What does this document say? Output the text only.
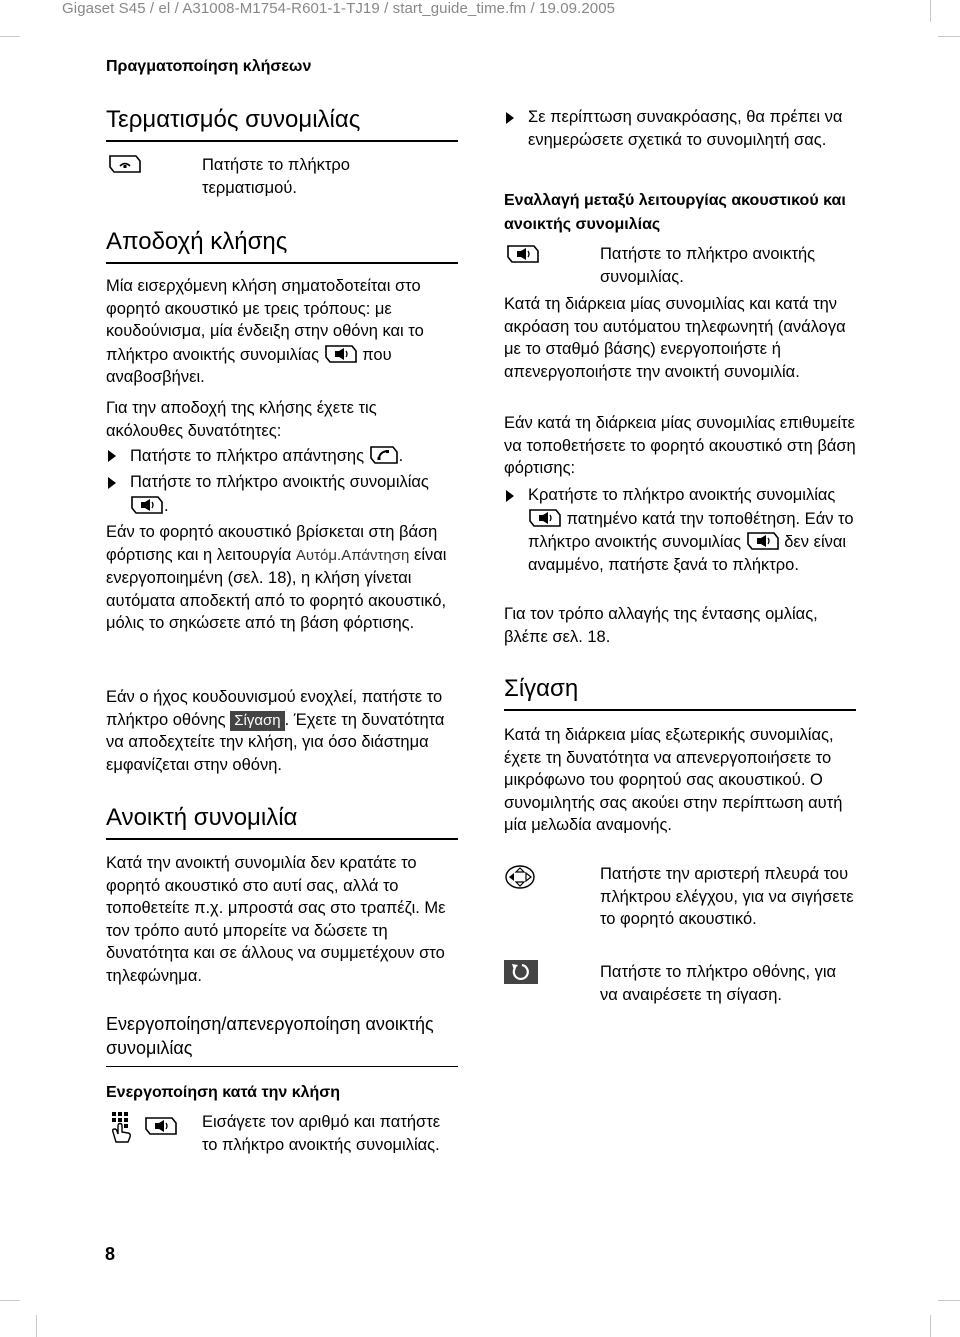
Gigaset S45 / el / A31008-M1754-R601-1-TJ19 / start_guide_time.fm / 19.09.2005
Πραγματοποίηση κλήσεων
Τερματισμός συνομιλίας
Πατήστε το πλήκτρο τερματισμού.
Αποδοχή κλήσης
Μία εισερχόμενη κλήση σηματοδοτείται στο φορητό ακουστικό με τρεις τρόπους: με κουδούνισμα, μία ένδειξη στην οθόνη και το πλήκτρο ανοικτής συνομιλίας	που αναβοσβήνει.
Για την αποδοχή της κλήσης έχετε τις ακόλουθες δυνατότητες:
Πατήστε το πλήκτρο απάντησης .
Πατήστε το πλήκτρο ανοικτής συνομιλίας
.
Εάν το φορητό ακουστικό βρίσκεται στη βάση φόρτισης και η λειτουργία Αυτόμ.Απάντηση είναι ενεργοποιημένη (σελ. 18), η κλήση γίνεται αυτόματα αποδεκτή από το φορητό ακουστικό, μόλις το σηκώσετε από τη βάση φόρτισης.
Εάν ο ήχος κουδουνισμού ενοχλεί, πατήστε το πλήκτρο οθόνης Σίγαση . Έχετε τη δυνατότητα να αποδεχτείτε την κλήση, για όσο διάστημα εμφανίζεται στην οθόνη.
Ανοικτή συνομιλία
Κατά την ανοικτή συνομιλία δεν κρατάτε το φορητό ακουστικό στο αυτί σας, αλλά το τοποθετείτε π.χ. μπροστά σας στο τραπέζι. Με τον τρόπο αυτό μπορείτε να δώσετε τη δυνατότητα και σε άλλους να συμμετέχουν στο τηλεφώνημα.
Ενεργοποίηση/απενεργοποίηση ανοικτής συνομιλίας
Ενεργοποίηση κατά την κλήση
Εισάγετε τον αριθμό και πατήστε το πλήκτρο ανοικτής συνομιλίας.
Σε περίπτωση συνακρόασης, θα πρέπει να ενημερώσετε σχετικά το συνομιλητή σας.
Εναλλαγή μεταξύ λειτουργίας ακουστικού και ανοικτής συνομιλίας
Πατήστε το πλήκτρο ανοικτής συνομιλίας.
Κατά τη διάρκεια μίας συνομιλίας και κατά την ακρόαση του αυτόματου τηλεφωνητή (ανάλογα με το σταθμό βάσης) ενεργοποιήστε ή απενεργοποιήστε την ανοικτή συνομιλία.
Εάν κατά τη διάρκεια μίας συνομιλίας επιθυμείτε να τοποθετήσετε το φορητό ακουστικό στη βάση φόρτισης:
Κρατήστε το πλήκτρο ανοικτής συνομιλίας
πατημένο κατά την τοποθέτηση. Εάν το πλήκτρο ανοικτής συνομιλίας	δεν είναι αναμμένο, πατήστε ξανά το πλήκτρο.
Για τον τρόπο αλλαγής της έντασης ομλίας, βλέπε σελ. 18.
Σίγαση
Κατά τη διάρκεια μίας εξωτερικής συνομιλίας, έχετε τη δυνατότητα να απενεργοποιήσετε το μικρόφωνο του φορητού σας ακουστικού. Ο συνομιλητής σας ακούει στην περίπτωση αυτή μία μελωδία αναμονής.
Πατήστε την αριστερή πλευρά του πλήκτρου ελέγχου, για να σιγήσετε το φορητό ακουστικό.
Πατήστε το πλήκτρο οθόνης, για να αναιρέσετε τη σίγαση.
8
